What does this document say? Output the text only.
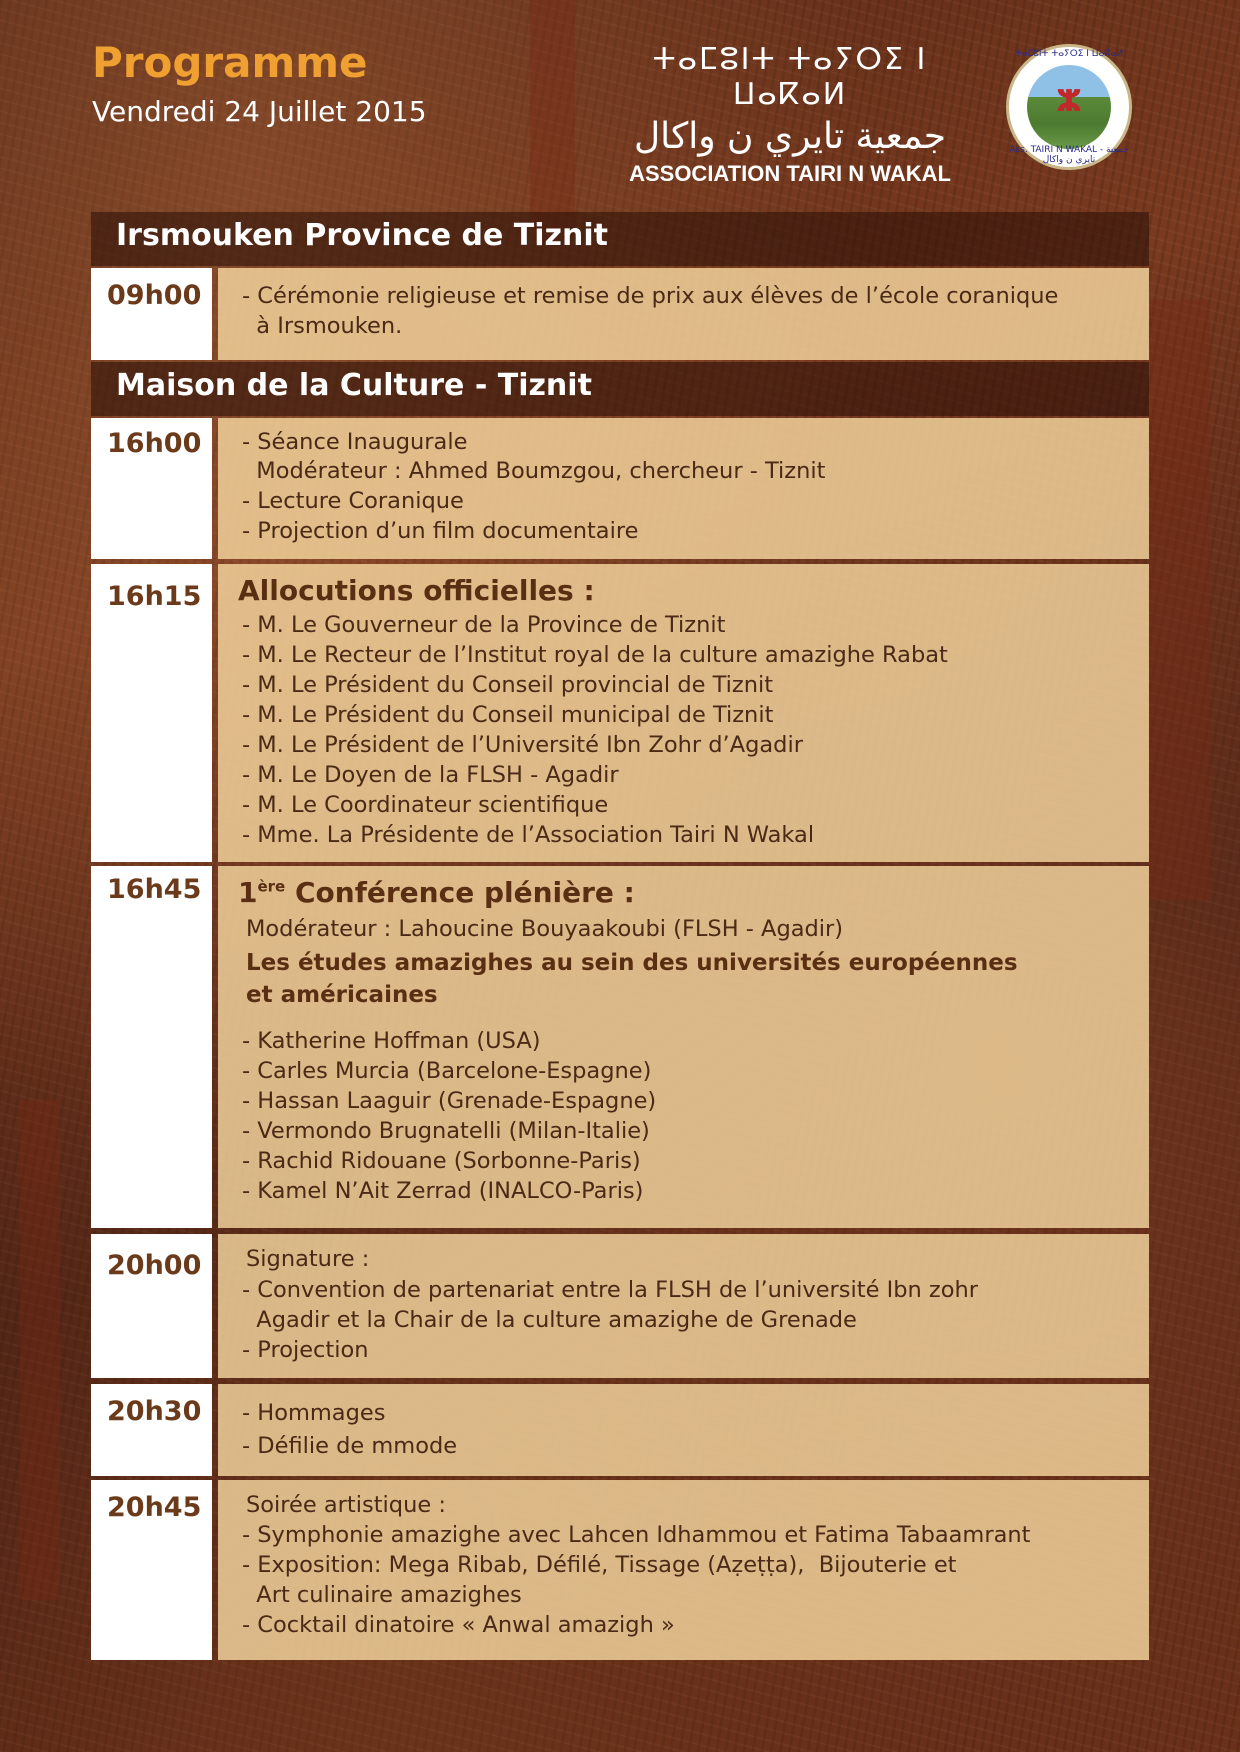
Programme
Vendredi 24 Juillet 2015
ⵜⴰⵎⵓⵏⵜ ⵜⴰⵢⵔⵉ ⵏ ⵡⴰⴽⴰⵍ
جمعية تايري ن واكال
ASSOCIATION TAIRI N WAKAL
ⵜⴰⵎⵓⵏⵜ ⵜⴰⵢⵔⵉ ⵏ ⵡⴰⴽⴰⵍ
ⵣ
Ass. TAIRI N WAKAL - جمعية تايري ن واكال
Irsmouken Province de Tiznit
09h00 - Cérémonie religieuse et remise de prix aux élèves de l’école coranique
à Irsmouken.
Maison de la Culture - Tiznit
16h00 - Séance Inaugurale
Modérateur : Ahmed Boumzgou, chercheur - Tiznit
- Lecture Coranique
- Projection d’un film documentaire
16h15 Allocutions officielles :
- M. Le Gouverneur de la Province de Tiznit
- M. Le Recteur de l’Institut royal de la culture amazighe Rabat
- M. Le Président du Conseil provincial de Tiznit
- M. Le Président du Conseil municipal de Tiznit
- M. Le Président de l’Université Ibn Zohr d’Agadir
- M. Le Doyen de la FLSH - Agadir
- M. Le Coordinateur scientifique
- Mme. La Présidente de l’Association Tairi N Wakal
16h45 1ère Conférence plénière :
Modérateur : Lahoucine Bouyaakoubi (FLSH - Agadir)
Les études amazighes au sein des universités européennes
et américaines
- Katherine Hoffman (USA)
- Carles Murcia (Barcelone-Espagne)
- Hassan Laaguir (Grenade-Espagne)
- Vermondo Brugnatelli (Milan-Italie)
- Rachid Ridouane (Sorbonne-Paris)
- Kamel N’Ait Zerrad (INALCO-Paris)
20h00 Signature :
- Convention de partenariat entre la FLSH de l’université Ibn zohr
Agadir et la Chair de la culture amazighe de Grenade
- Projection
20h30 - Hommages
- Défilie de mmode
20h45 Soirée artistique :
- Symphonie amazighe avec Lahcen Idhammou et Fatima Tabaamrant
- Exposition: Mega Ribab, Défilé, Tissage (Aẓeṭṭa),  Bijouterie et
Art culinaire amazighes
- Cocktail dinatoire « Anwal amazigh »
